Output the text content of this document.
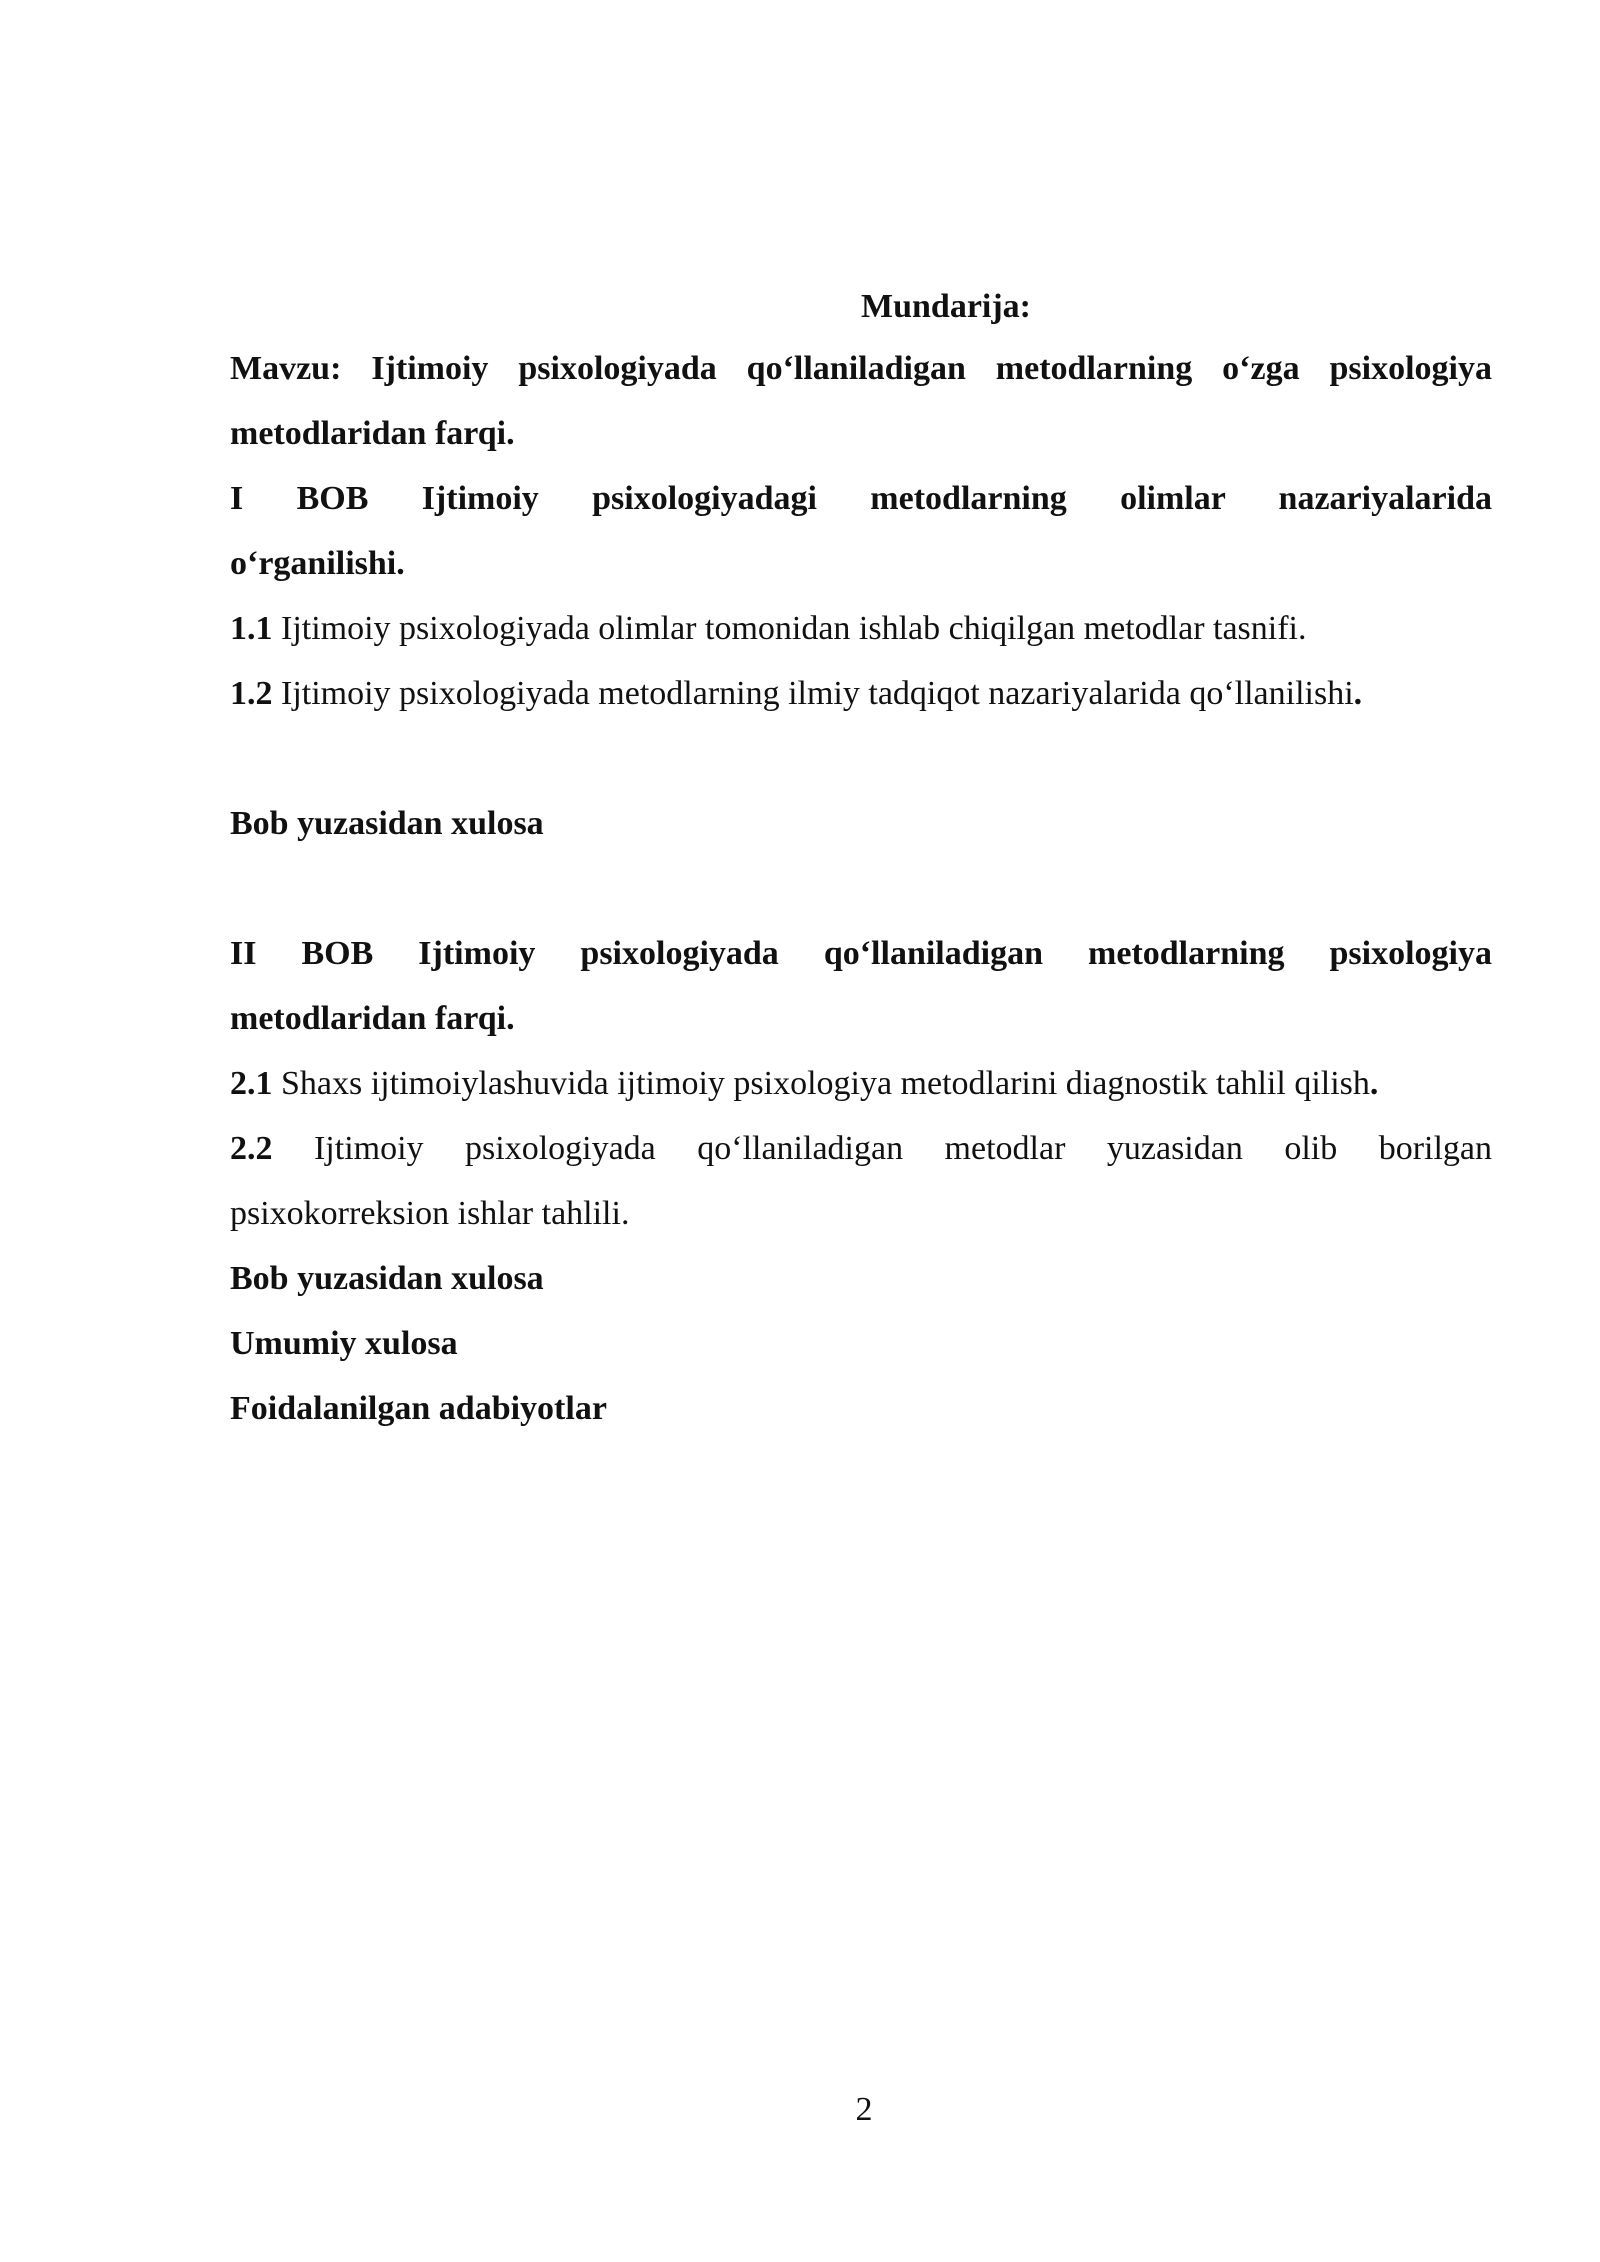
Mundarija:

Mavzu: Ijtimoiy psixologiyada qo‘llaniladigan metodlarning o‘zga psixologiya

metodlaridan farqi.

I BOB Ijtimoiy psixologiyadagi metodlarning olimlar nazariyalarida

o‘rganilishi.

1.1 Ijtimoiy psixologiyada olimlar tomonidan ishlab chiqilgan metodlar tasnifi.

1.2 Ijtimoiy psixologiyada metodlarning ilmiy tadqiqot nazariyalarida qo‘llanilishi.

Bob yuzasidan xulosa

II BOB Ijtimoiy psixologiyada qo‘llaniladigan metodlarning psixologiya

metodlaridan farqi.

2.1 Shaxs ijtimoiylashuvida ijtimoiy psixologiya metodlarini diagnostik tahlil qilish.

2.2 Ijtimoiy psixologiyada qo‘llaniladigan metodlar yuzasidan olib borilgan

psixokorreksion ishlar tahlili.

Bob yuzasidan xulosa

Umumiy xulosa

Foidalanilgan adabiyotlar

2
